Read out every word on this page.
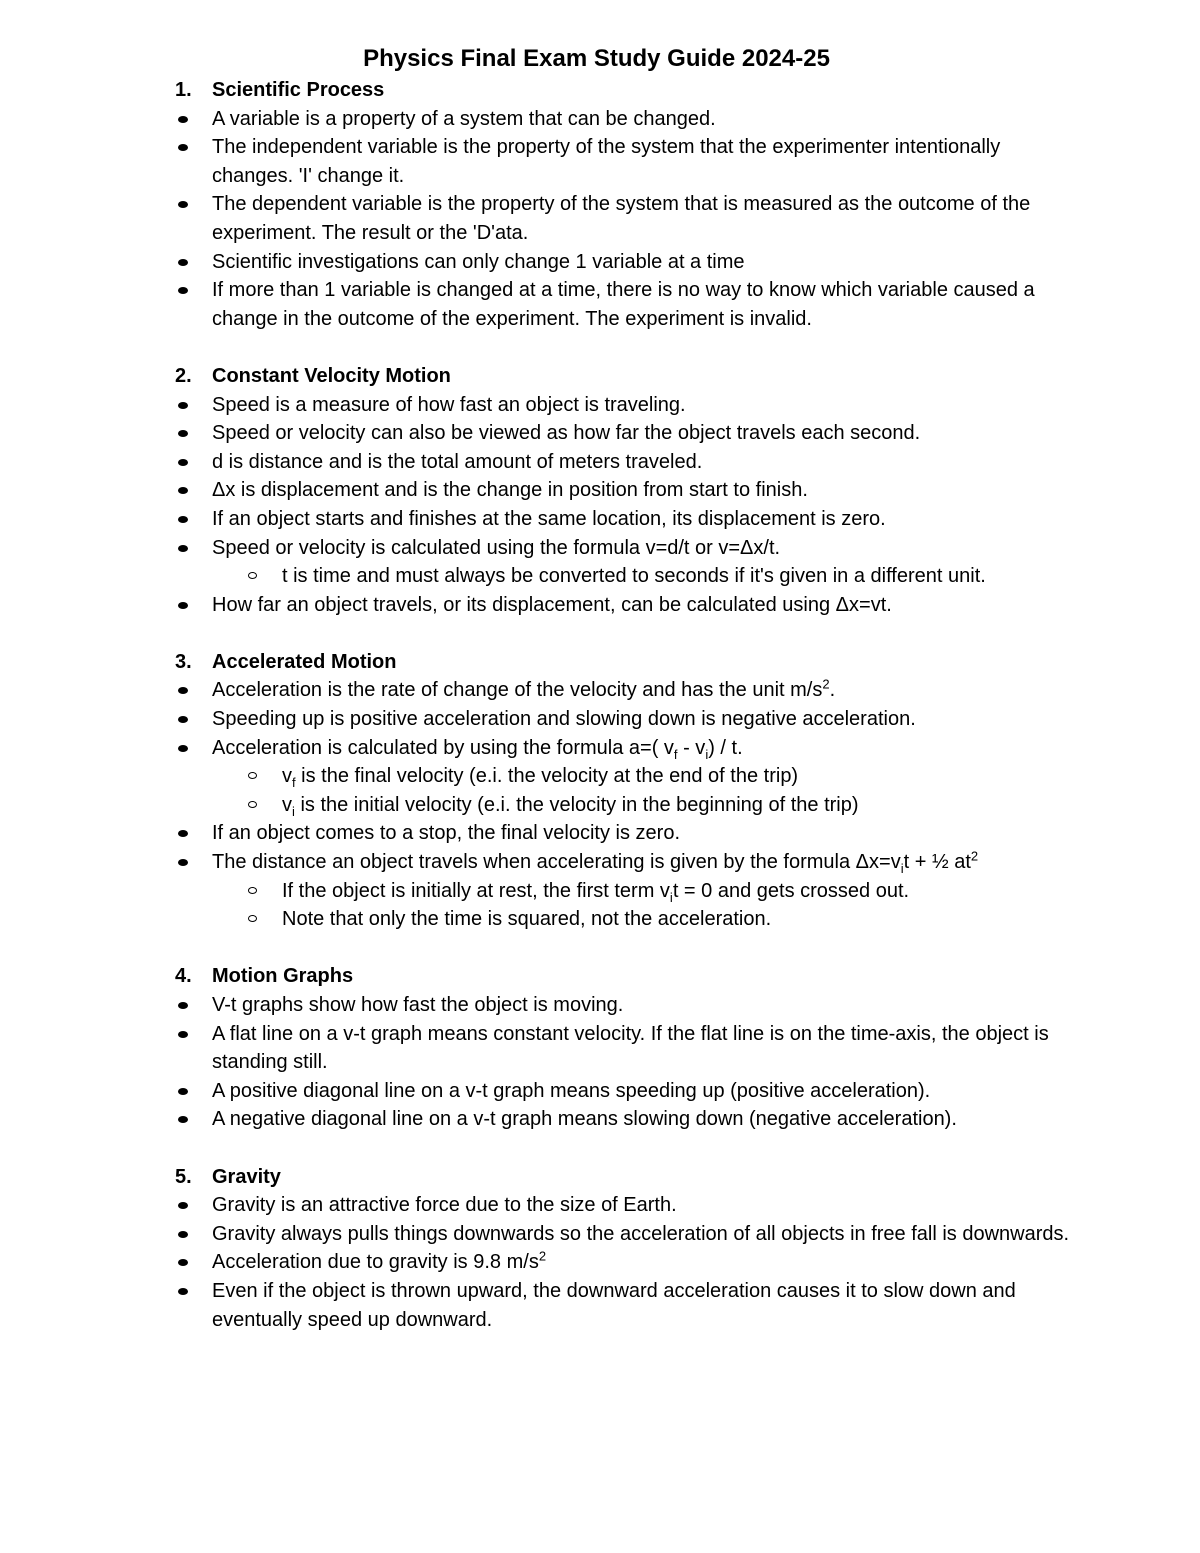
Physics Final Exam Study Guide 2024-25
1. Scientific Process
A variable is a property of a system that can be changed.
The independent variable is the property of the system that the experimenter intentionally changes. 'I' change it.
The dependent variable is the property of the system that is measured as the outcome of the experiment. The result or the 'D'ata.
Scientific investigations can only change 1 variable at a time
If more than 1 variable is changed at a time, there is no way to know which variable caused a change in the outcome of the experiment. The experiment is invalid.
2. Constant Velocity Motion
Speed is a measure of how fast an object is traveling.
Speed or velocity can also be viewed as how far the object travels each second.
d is distance and is the total amount of meters traveled.
Δx is displacement and is the change in position from start to finish.
If an object starts and finishes at the same location, its displacement is zero.
Speed or velocity is calculated using the formula v=d/t or v=Δx/t.
t is time and must always be converted to seconds if it's given in a different unit.
How far an object travels, or its displacement, can be calculated using Δx=vt.
3. Accelerated Motion
Acceleration is the rate of change of the velocity and has the unit $m/s^2$.
Speeding up is positive acceleration and slowing down is negative acceleration.
Acceleration is calculated by using the formula a=( $v_f - v_i$) / t.
$v_f$ is the final velocity (e.i. the velocity at the end of the trip)
$v_i$ is the initial velocity (e.i. the velocity in the beginning of the trip)
If an object comes to a stop, the final velocity is zero.
The distance an object travels when accelerating is given by the formula $\Delta x=v_it$ + ½ $at^2$
If the object is initially at rest, the first term $v_it = 0$ and gets crossed out.
Note that only the time is squared, not the acceleration.
4. Motion Graphs
V-t graphs show how fast the object is moving.
A flat line on a v-t graph means constant velocity. If the flat line is on the time-axis, the object is standing still.
A positive diagonal line on a v-t graph means speeding up (positive acceleration).
A negative diagonal line on a v-t graph means slowing down (negative acceleration).
5. Gravity
Gravity is an attractive force due to the size of Earth.
Gravity always pulls things downwards so the acceleration of all objects in free fall is downwards.
Acceleration due to gravity is 9.8 $m/s^2$
Even if the object is thrown upward, the downward acceleration causes it to slow down and eventually speed up downward.
